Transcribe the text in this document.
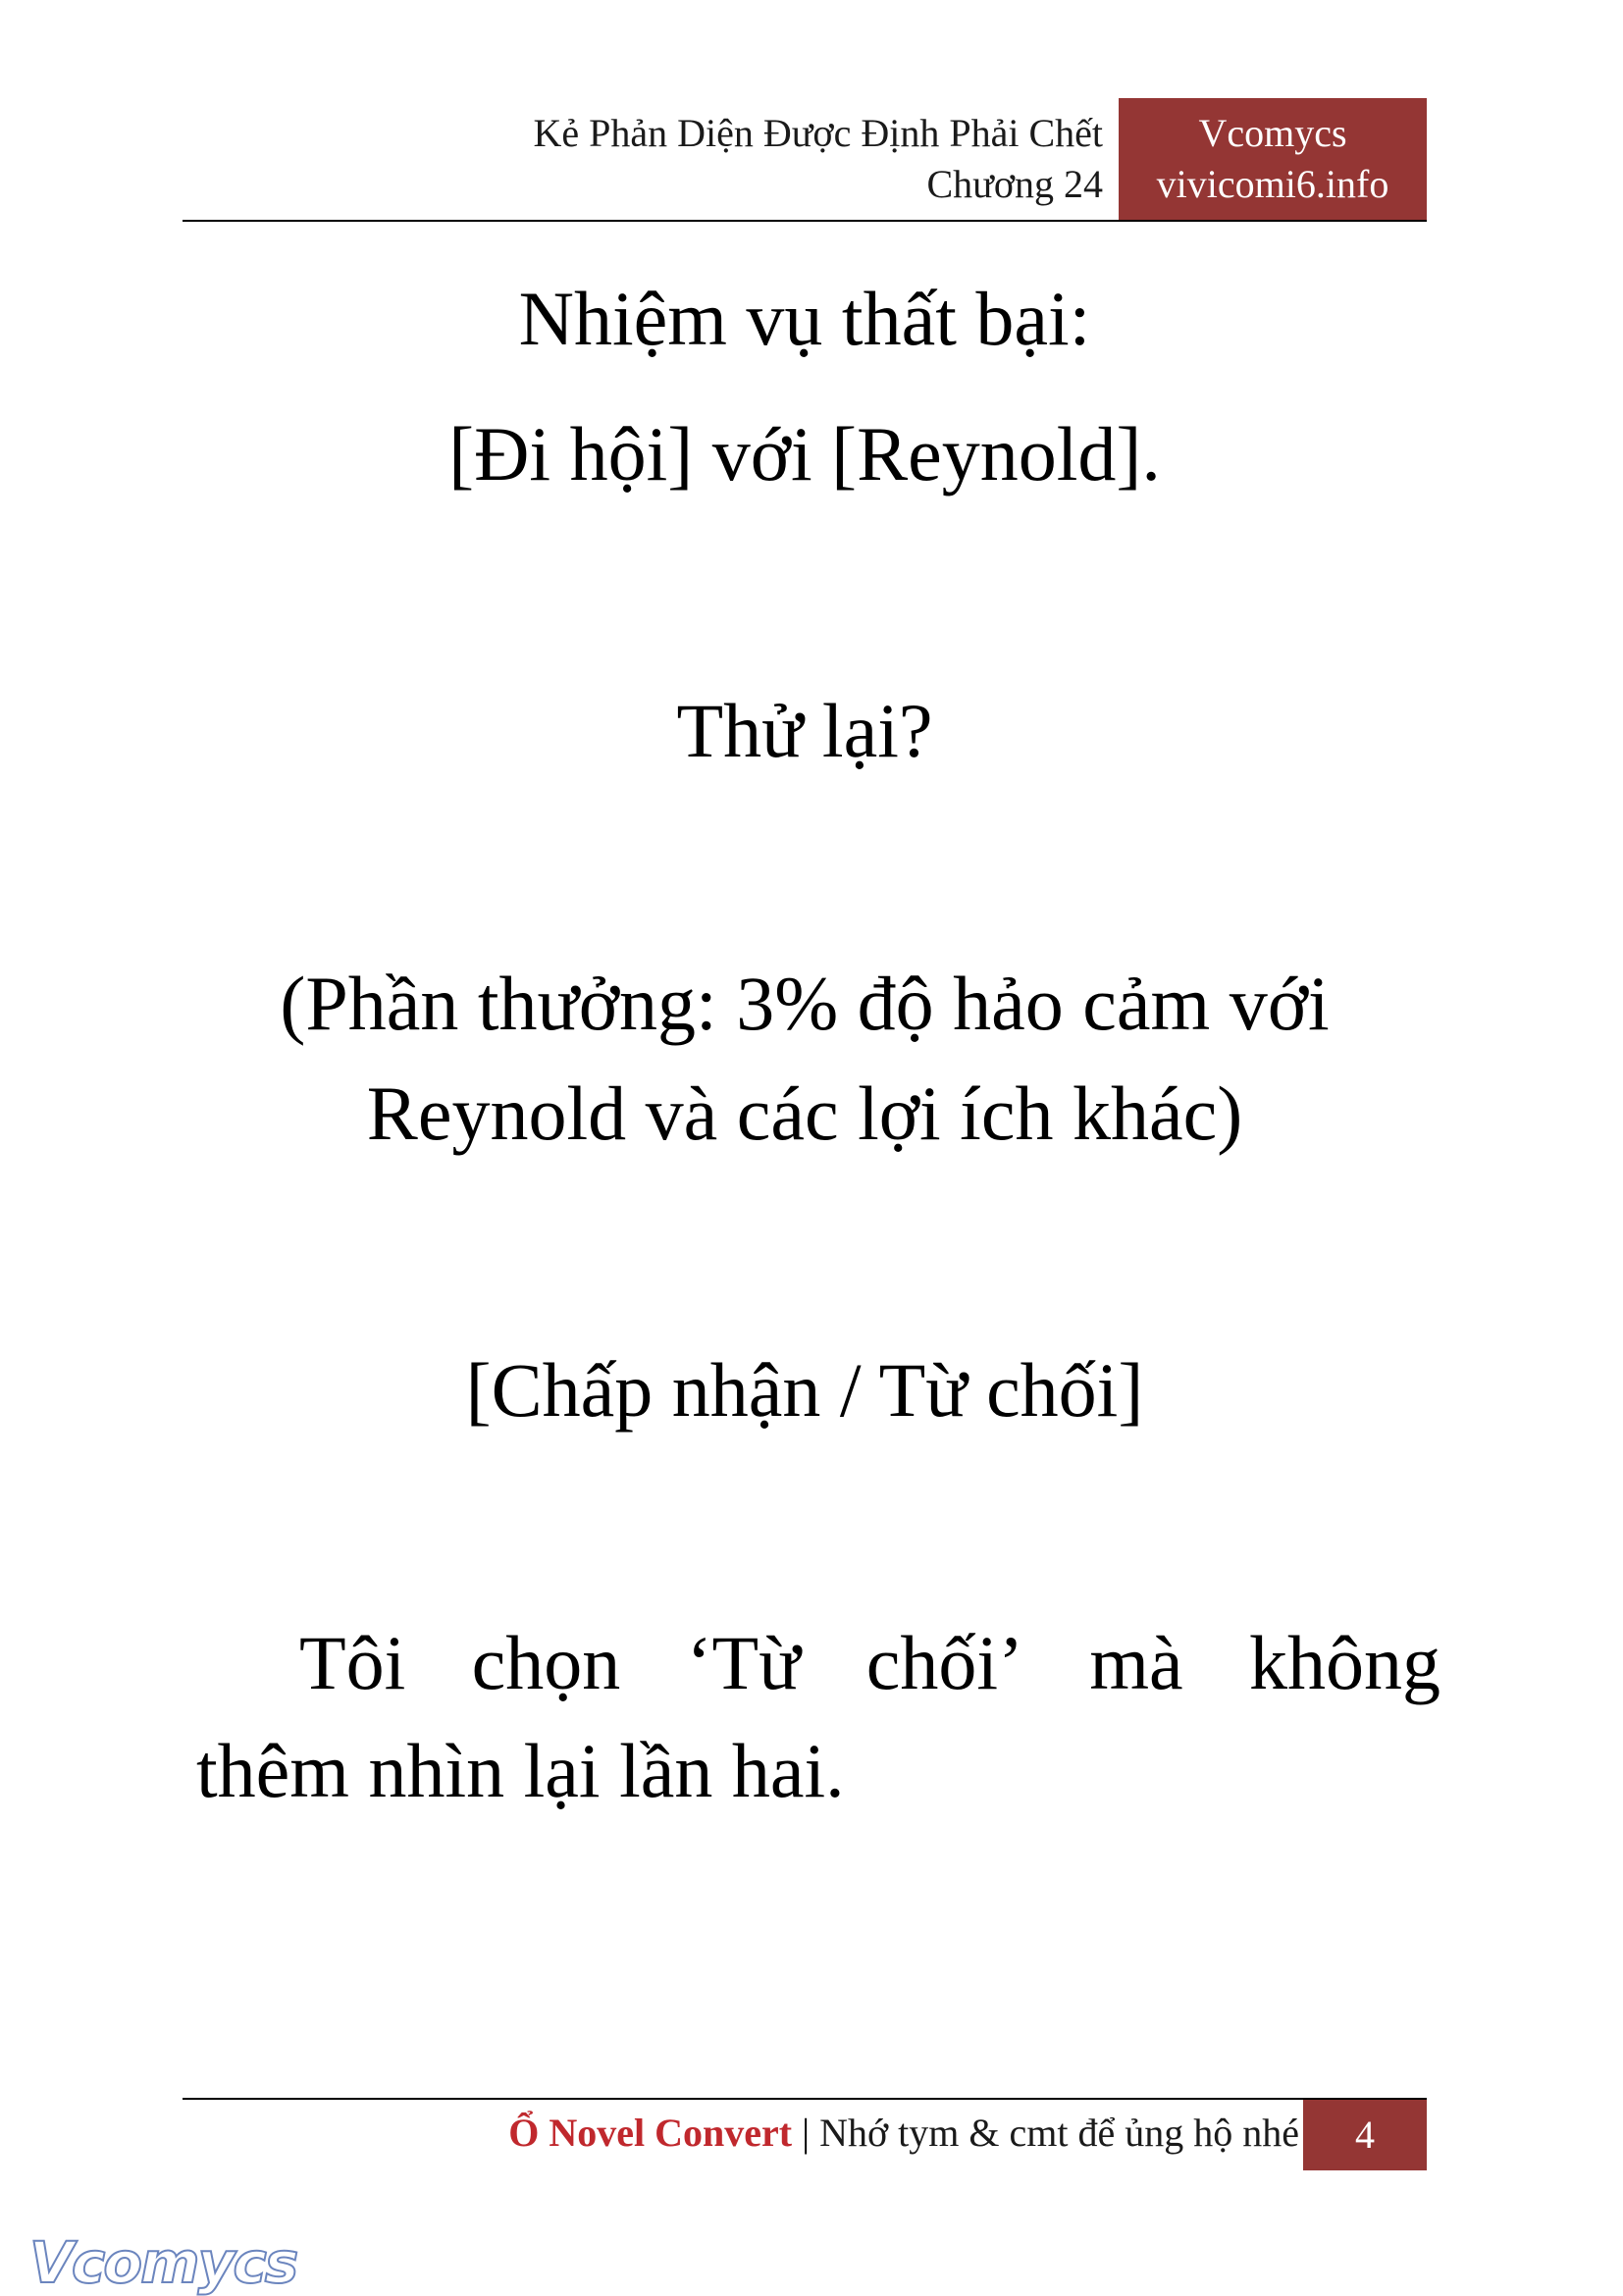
Kẻ Phản Diện Được Định Phải Chết
Chương 24
Vcomycs
vivicomi6.info

Nhiệm vụ thất bại:

[Đi hội] với [Reynold].

Thử lại?

(Phần thưởng: 3% độ hảo cảm với

Reynold và các lợi ích khác)

[Chấp nhận / Từ chối]

Tôi chọn ‘Từ chối’ mà không
thêm nhìn lại lần hai.

Ổ Novel Convert | Nhớ tym & cmt để ủng hộ nhé	4
Vcomycs
